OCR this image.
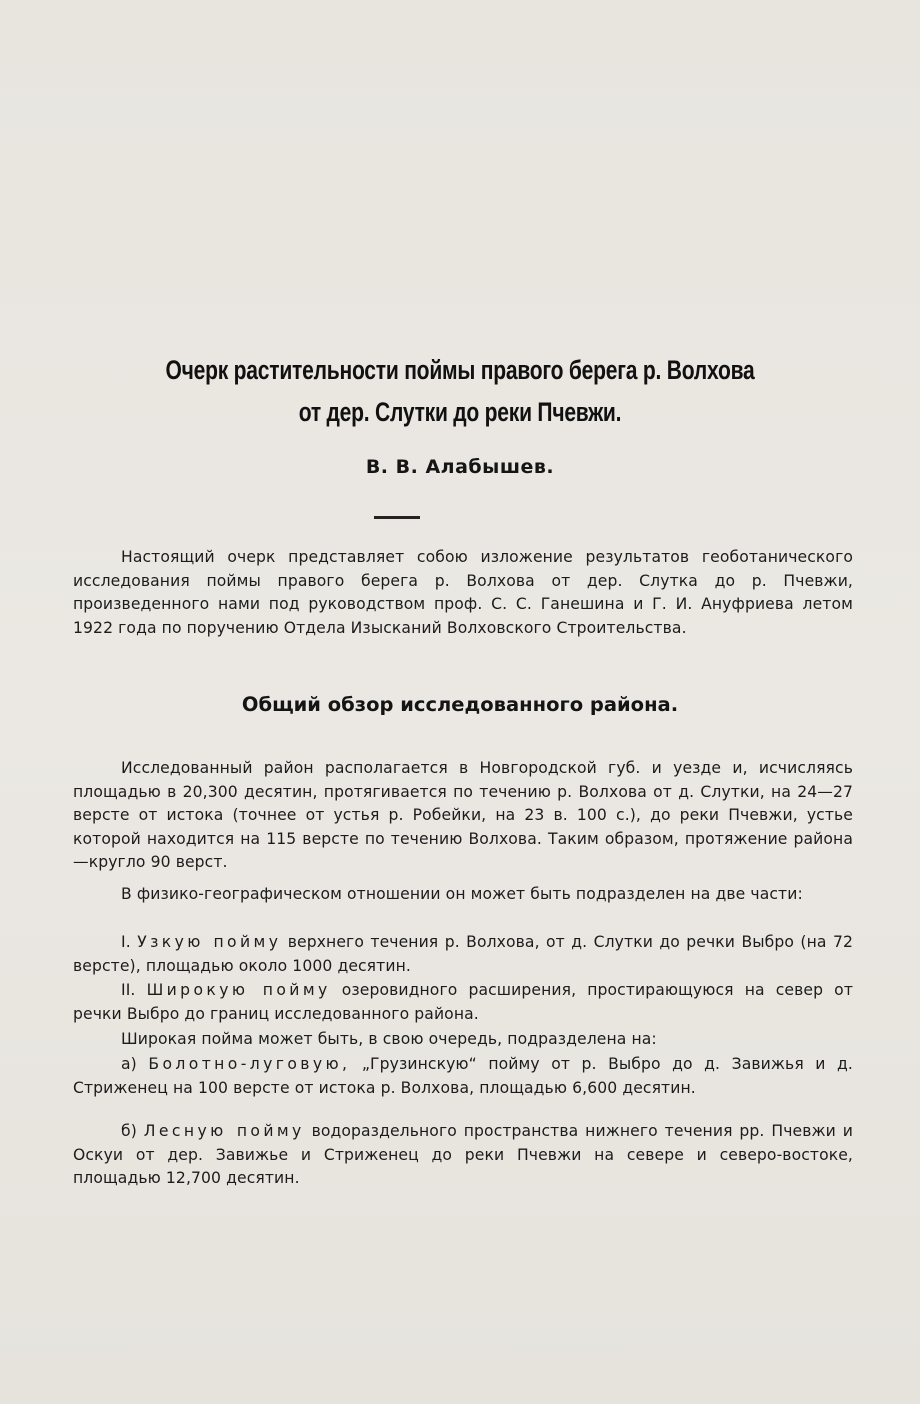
Очерк растительности поймы правого берега р. Волхова
от дер. Слутки до реки Пчевжи.
В. В. Алабышев.
Настоящий очерк представляет собою изложение результатов геоботанического исследования поймы правого берега р. Волхова от дер. Слутка до р. Пчевжи, произведенного нами под руководством проф. С. С. Ганешина и Г. И. Ануфриева летом 1922 года по поручению Отдела Изысканий Волховского Строительства.
Общий обзор исследованного района.
Исследованный район располагается в Новгородской губ. и уезде и, исчисляясь площадью в 20,300 десятин, протягивается по течению р. Волхова от д. Слутки, на 24—27 версте от истока (точнее от устья р. Робейки, на 23 в. 100 с.), до реки Пчевжи, устье которой находится на 115 версте по течению Волхова. Таким образом, протяжение района—кругло 90 верст.
В физико-географическом отношении он может быть подразделен на две части:
I. Узкую пойму верхнего течения р. Волхова, от д. Слутки до речки Выбро (на 72 версте), площадью около 1000 десятин.
II. Широкую пойму озеровидного расширения, простирающуюся на север от речки Выбро до границ исследованного района.
Широкая пойма может быть, в свою очередь, подразделена на:
а) Болотно-луговую, „Грузинскую“ пойму от р. Выбро до д. Завижья и д. Стриженец на 100 версте от истока р. Волхова, площадью 6,600 десятин.
б) Лесную пойму водораздельного пространства нижнего течения рр. Пчевжи и Оскуи от дер. Завижье и Стриженец до реки Пчевжи на севере и северо-востоке, площадью 12,700 десятин.
